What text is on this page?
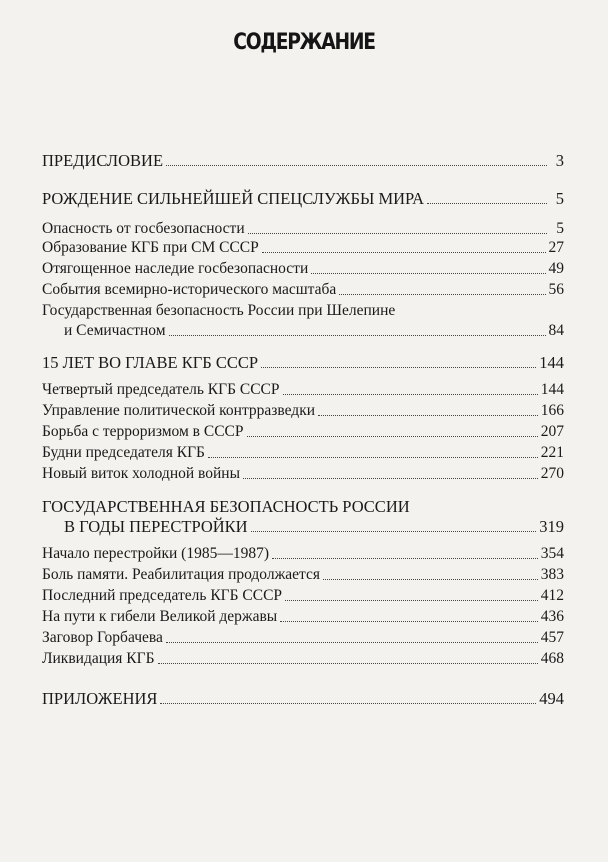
СОДЕРЖАНИЕ
ПРЕДИСЛОВИЕ	3
РОЖДЕНИЕ СИЛЬНЕЙШЕЙ СПЕЦСЛУЖБЫ МИРА	5
Опасность от госбезопасности	5
Образование КГБ при СМ СССР	27
Отягощенное наследие госбезопасности	49
События всемирно-исторического масштаба	56
Государственная безопасность России при Шелепине
и Семичастном	84
15 ЛЕТ ВО ГЛАВЕ КГБ СССР	144
Четвертый председатель КГБ СССР	144
Управление политической контрразведки	166
Борьба с терроризмом в СССР	207
Будни председателя КГБ	221
Новый виток холодной войны	270
ГОСУДАРСТВЕННАЯ БЕЗОПАСНОСТЬ РОССИИ
В ГОДЫ ПЕРЕСТРОЙКИ	319
Начало перестройки (1985—1987)	354
Боль памяти. Реабилитация продолжается	383
Последний председатель КГБ СССР	412
На пути к гибели Великой державы	436
Заговор Горбачева	457
Ликвидация КГБ	468
ПРИЛОЖЕНИЯ	494
